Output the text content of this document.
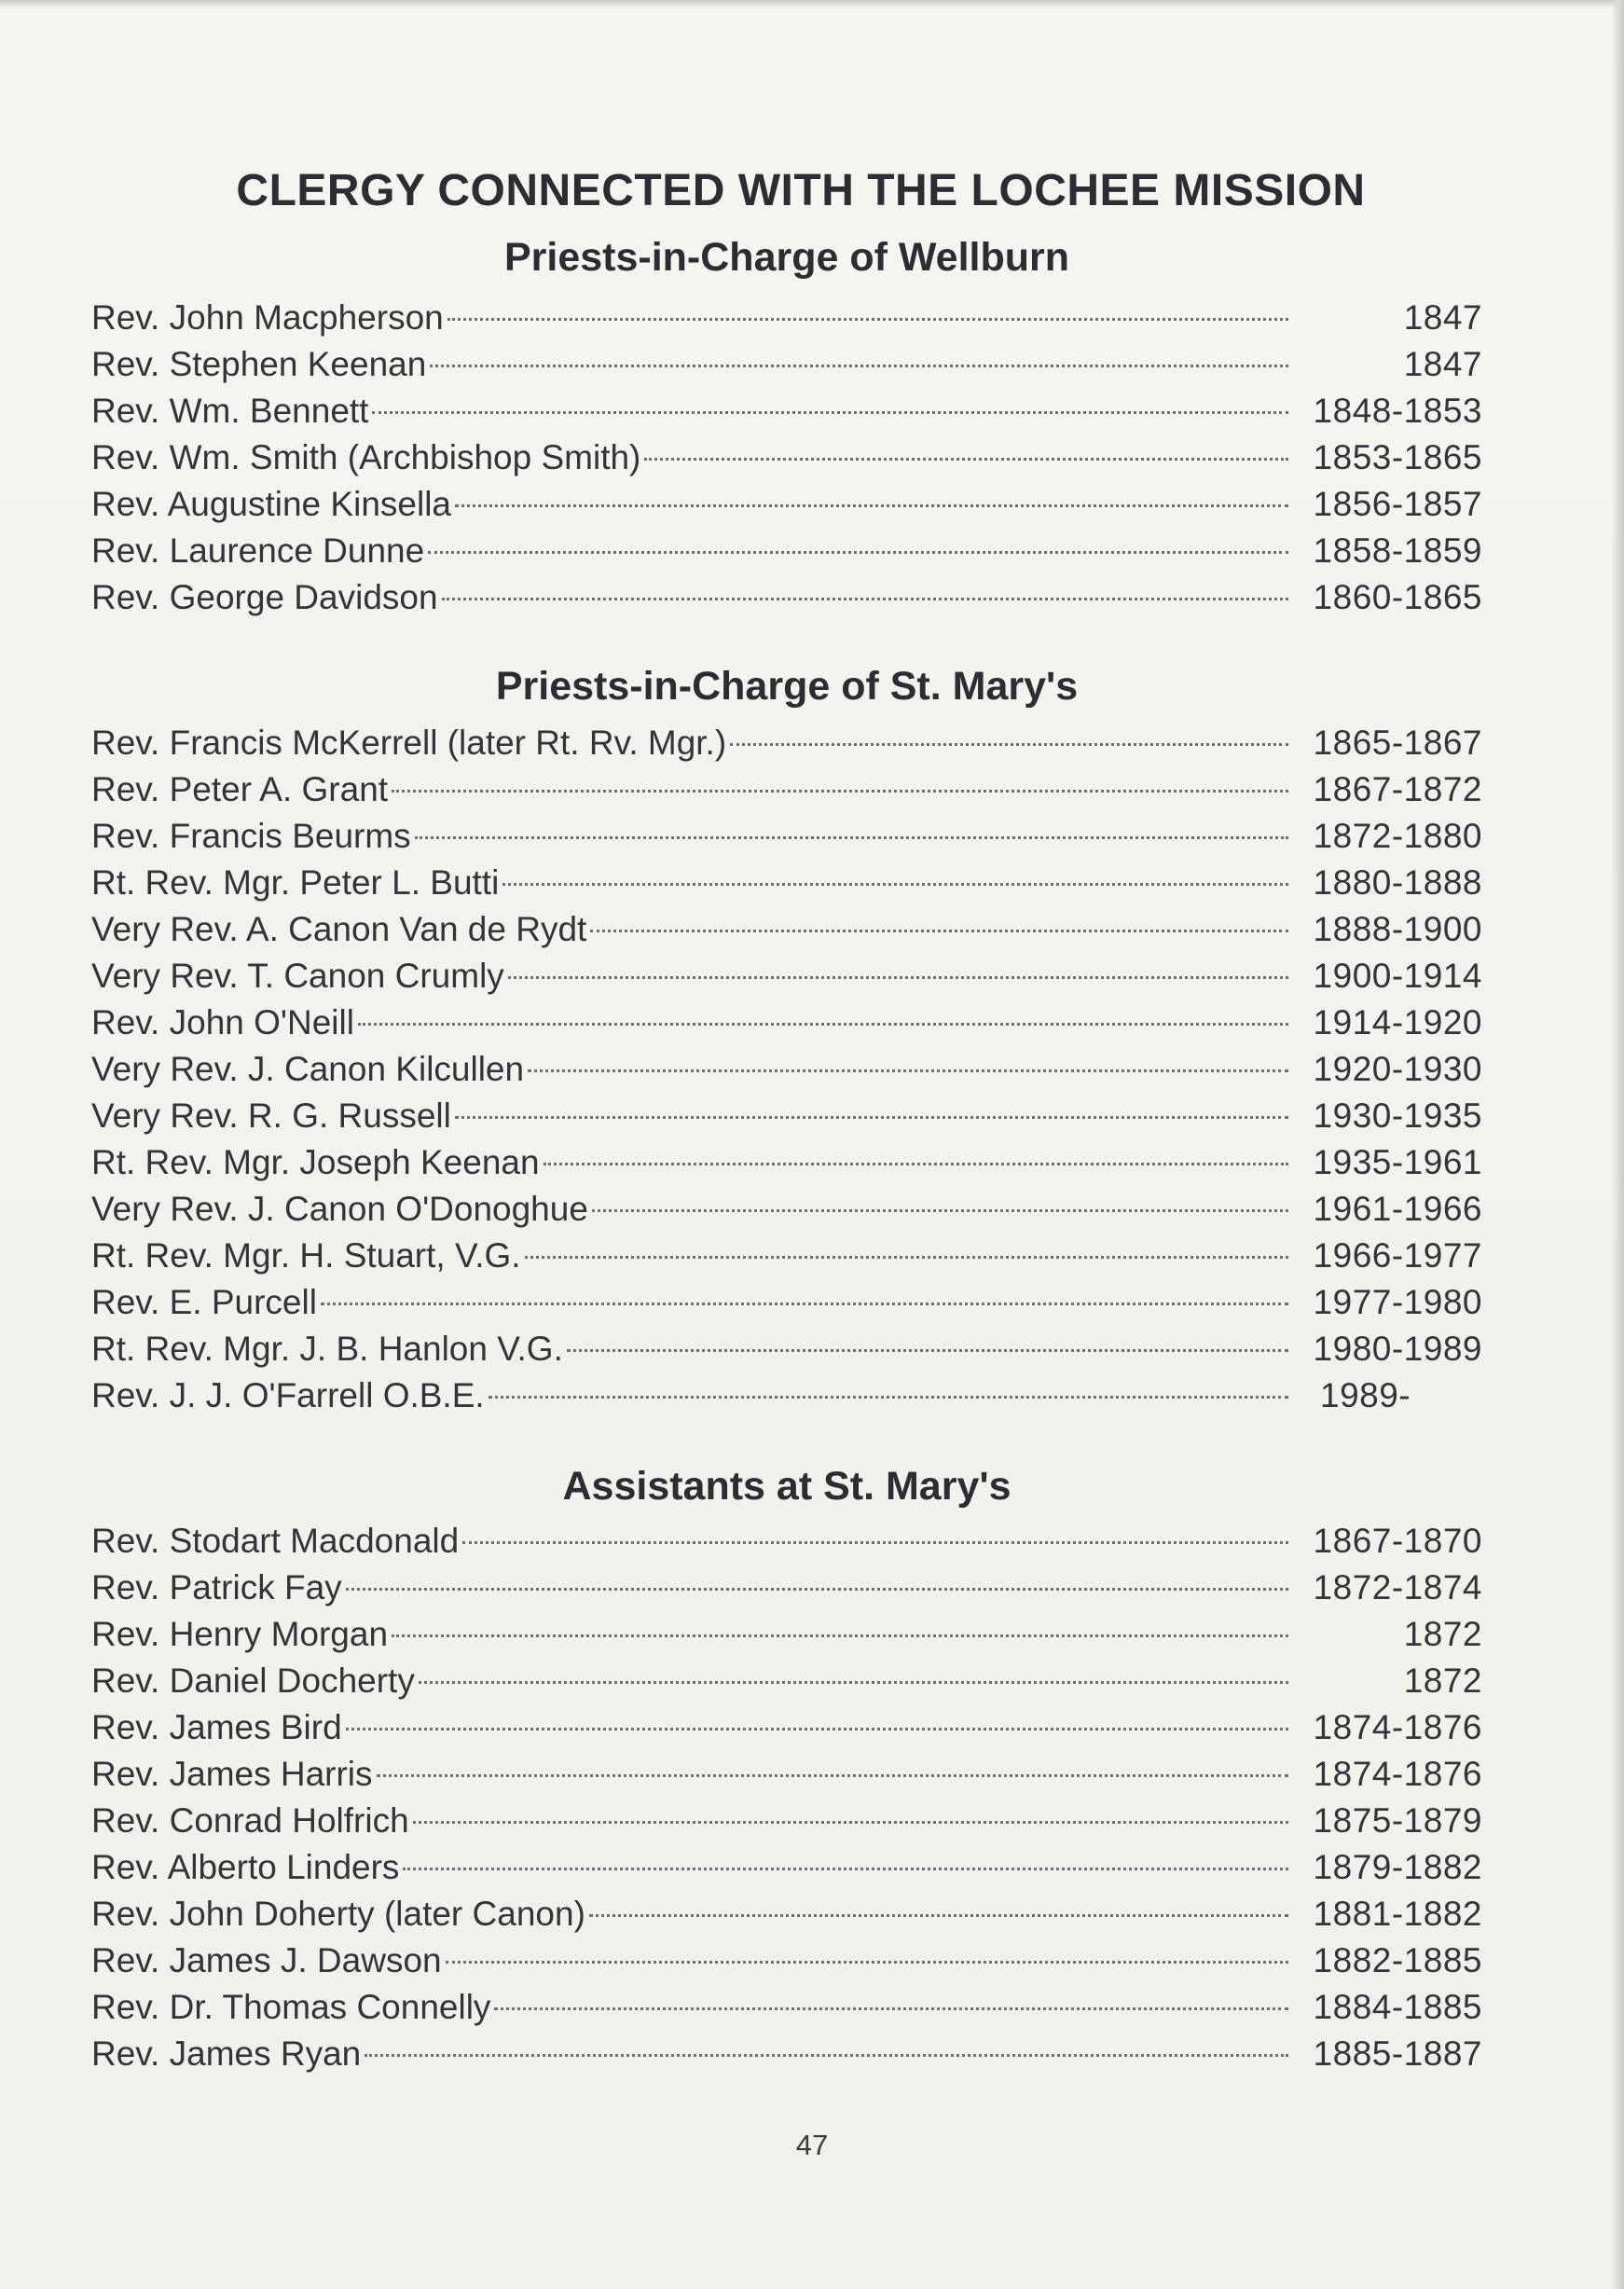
CLERGY CONNECTED WITH THE LOCHEE MISSION
Priests-in-Charge of Wellburn
Rev. John Macpherson	1847
Rev. Stephen Keenan	1847
Rev. Wm. Bennett	1848-1853
Rev. Wm. Smith (Archbishop Smith)	1853-1865
Rev. Augustine Kinsella	1856-1857
Rev. Laurence Dunne	1858-1859
Rev. George Davidson	1860-1865
Priests-in-Charge of St. Mary's
Rev. Francis McKerrell (later Rt. Rv. Mgr.)	1865-1867
Rev. Peter A. Grant	1867-1872
Rev. Francis Beurms	1872-1880
Rt. Rev. Mgr. Peter L. Butti	1880-1888
Very Rev. A. Canon Van de Rydt	1888-1900
Very Rev. T. Canon Crumly	1900-1914
Rev. John O'Neill	1914-1920
Very Rev. J. Canon Kilcullen	1920-1930
Very Rev. R. G. Russell	1930-1935
Rt. Rev. Mgr. Joseph Keenan	1935-1961
Very Rev. J. Canon O'Donoghue	1961-1966
Rt. Rev. Mgr. H. Stuart, V.G.	1966-1977
Rev. E. Purcell	1977-1980
Rt. Rev. Mgr. J. B. Hanlon V.G.	1980-1989
Rev. J. J. O'Farrell O.B.E.	1989-
Assistants at St. Mary's
Rev. Stodart Macdonald	1867-1870
Rev. Patrick Fay	1872-1874
Rev. Henry Morgan	1872
Rev. Daniel Docherty	1872
Rev. James Bird	1874-1876
Rev. James Harris	1874-1876
Rev. Conrad Holfrich	1875-1879
Rev. Alberto Linders	1879-1882
Rev. John Doherty (later Canon)	1881-1882
Rev. James J. Dawson	1882-1885
Rev. Dr. Thomas Connelly	1884-1885
Rev. James Ryan	1885-1887
47
